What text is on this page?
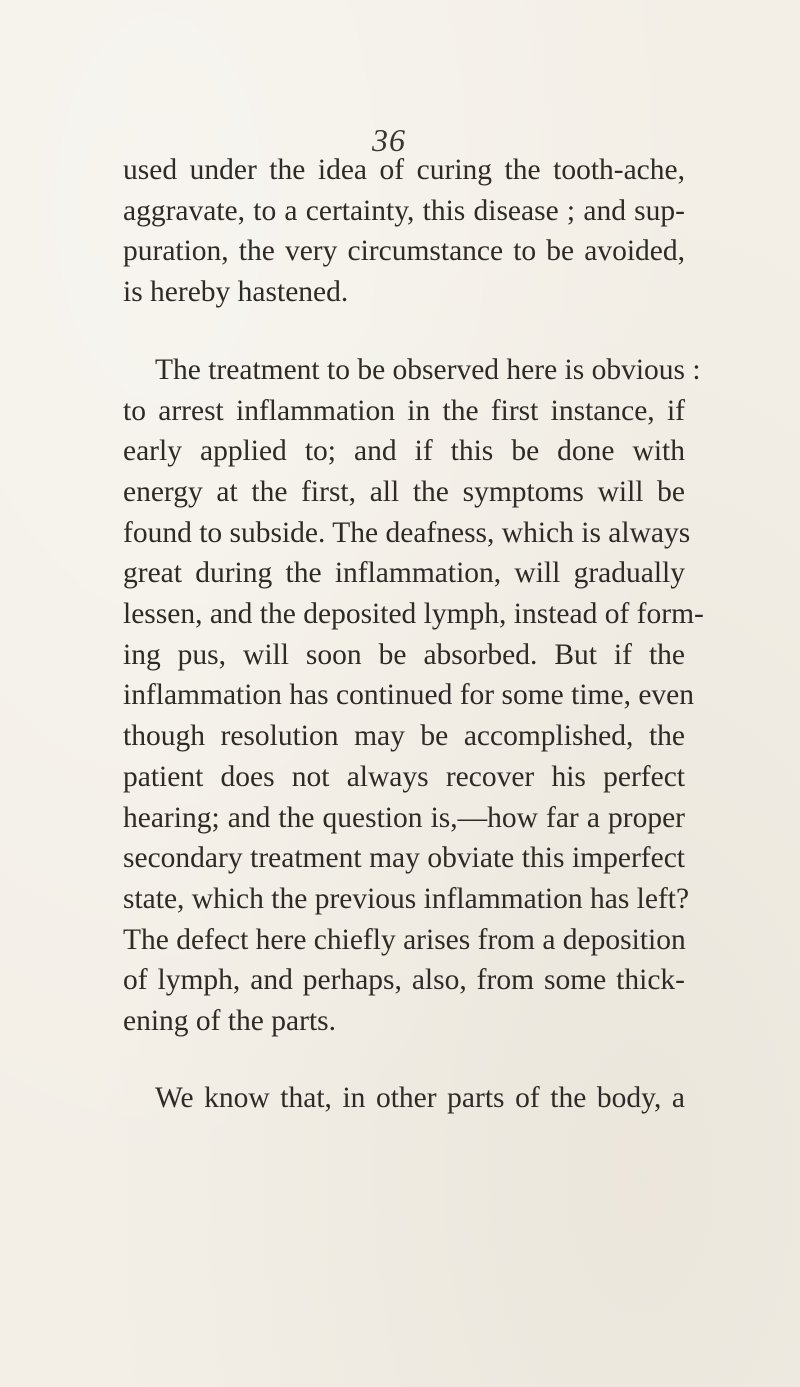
36
used under the idea of curing the tooth-ache,
aggravate, to a certainty, this disease ; and sup-
puration, the very circumstance to be avoided,
is hereby hastened.
The treatment to be observed here is obvious :
to arrest inflammation in the first instance, if
early applied to; and if this be done with
energy at the first, all the symptoms will be
found to subside. The deafness, which is always
great during the inflammation, will gradually
lessen, and the deposited lymph, instead of form-
ing pus, will soon be absorbed. But if the
inflammation has continued for some time, even
though resolution may be accomplished, the
patient does not always recover his perfect
hearing; and the question is,—how far a proper
secondary treatment may obviate this imperfect
state, which the previous inflammation has left?
The defect here chiefly arises from a deposition
of lymph, and perhaps, also, from some thick-
ening of the parts.
We know that, in other parts of the body, a
